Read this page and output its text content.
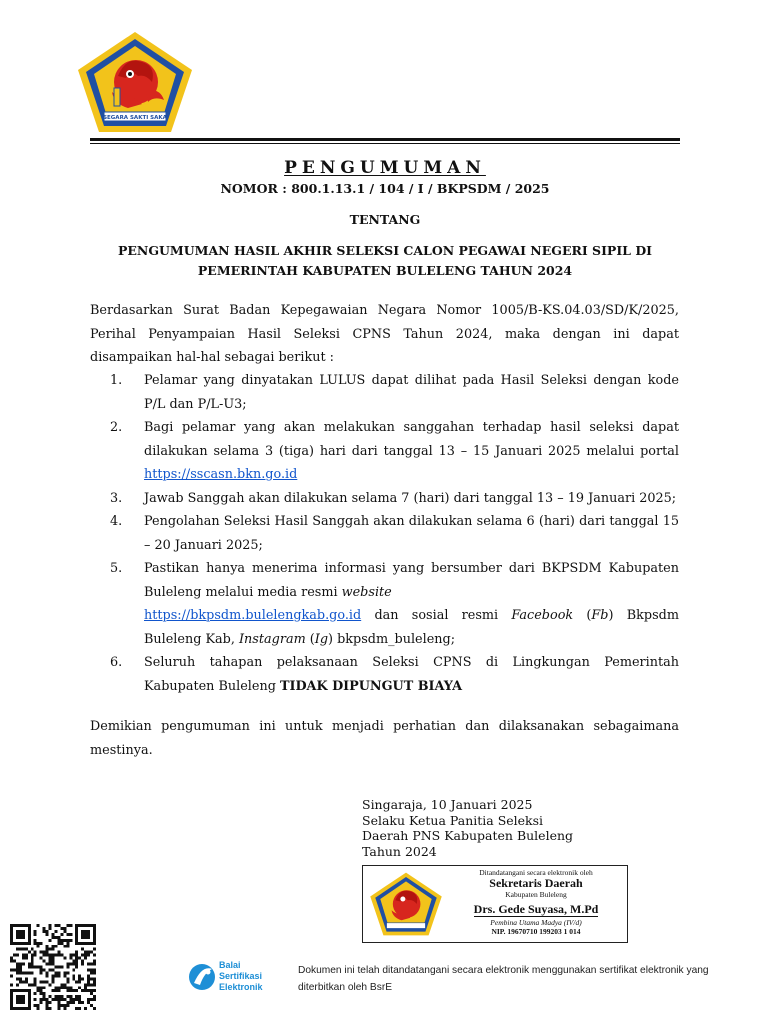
SEGARA SAKTI SAKA
PENGUMUMAN
NOMOR : 800.1.13.1 / 104 / I / BKPSDM / 2025
TENTANG
PENGUMUMAN HASIL AKHIR SELEKSI CALON PEGAWAI NEGERI SIPIL DI
PEMERINTAH KABUPATEN BULELENG TAHUN 2024
Berdasarkan Surat Badan Kepegawaian Negara Nomor 1005/B-KS.04.03/SD/K/2025, Perihal Penyampaian Hasil Seleksi CPNS Tahun 2024, maka dengan ini dapat disampaikan hal-hal sebagai berikut :
1. Pelamar yang dinyatakan LULUS dapat dilihat pada Hasil Seleksi dengan kode P/L dan P/L-U3;
2. Bagi pelamar yang akan melakukan sanggahan terhadap hasil seleksi dapat dilakukan selama 3 (tiga) hari dari tanggal 13 – 15 Januari 2025 melalui portal https://sscasn.bkn.go.id
3. Jawab Sanggah akan dilakukan selama 7 (hari) dari tanggal 13 – 19 Januari 2025;
4. Pengolahan Seleksi Hasil Sanggah akan dilakukan selama 6 (hari) dari tanggal 15 – 20 Januari 2025;
5. Pastikan hanya menerima informasi yang bersumber dari BKPSDM Kabupaten Buleleng melalui media resmi website
https://bkpsdm.bulelengkab.go.id dan sosial resmi Facebook (Fb) Bkpsdm Buleleng Kab, Instagram (Ig) bkpsdm_buleleng;
6. Seluruh tahapan pelaksanaan Seleksi CPNS di Lingkungan Pemerintah Kabupaten Buleleng TIDAK DIPUNGUT BIAYA
Demikian pengumuman ini untuk menjadi perhatian dan dilaksanakan sebagaimana mestinya.
Singaraja, 10 Januari 2025
Selaku Ketua Panitia Seleksi
Daerah PNS Kabupaten Buleleng
Tahun 2024
Ditandatangani secara elektronik oleh
Sekretaris Daerah
Kabupaten Buleleng
Drs. Gede Suyasa, M.Pd
Pembina Utama Madya (IV/d)
NIP. 19670710 199203 1 014
Balai
Sertifikasi
Elektronik
Dokumen ini telah ditandatangani secara elektronik menggunakan sertifikat elektronik yang
diterbitkan oleh BsrE
